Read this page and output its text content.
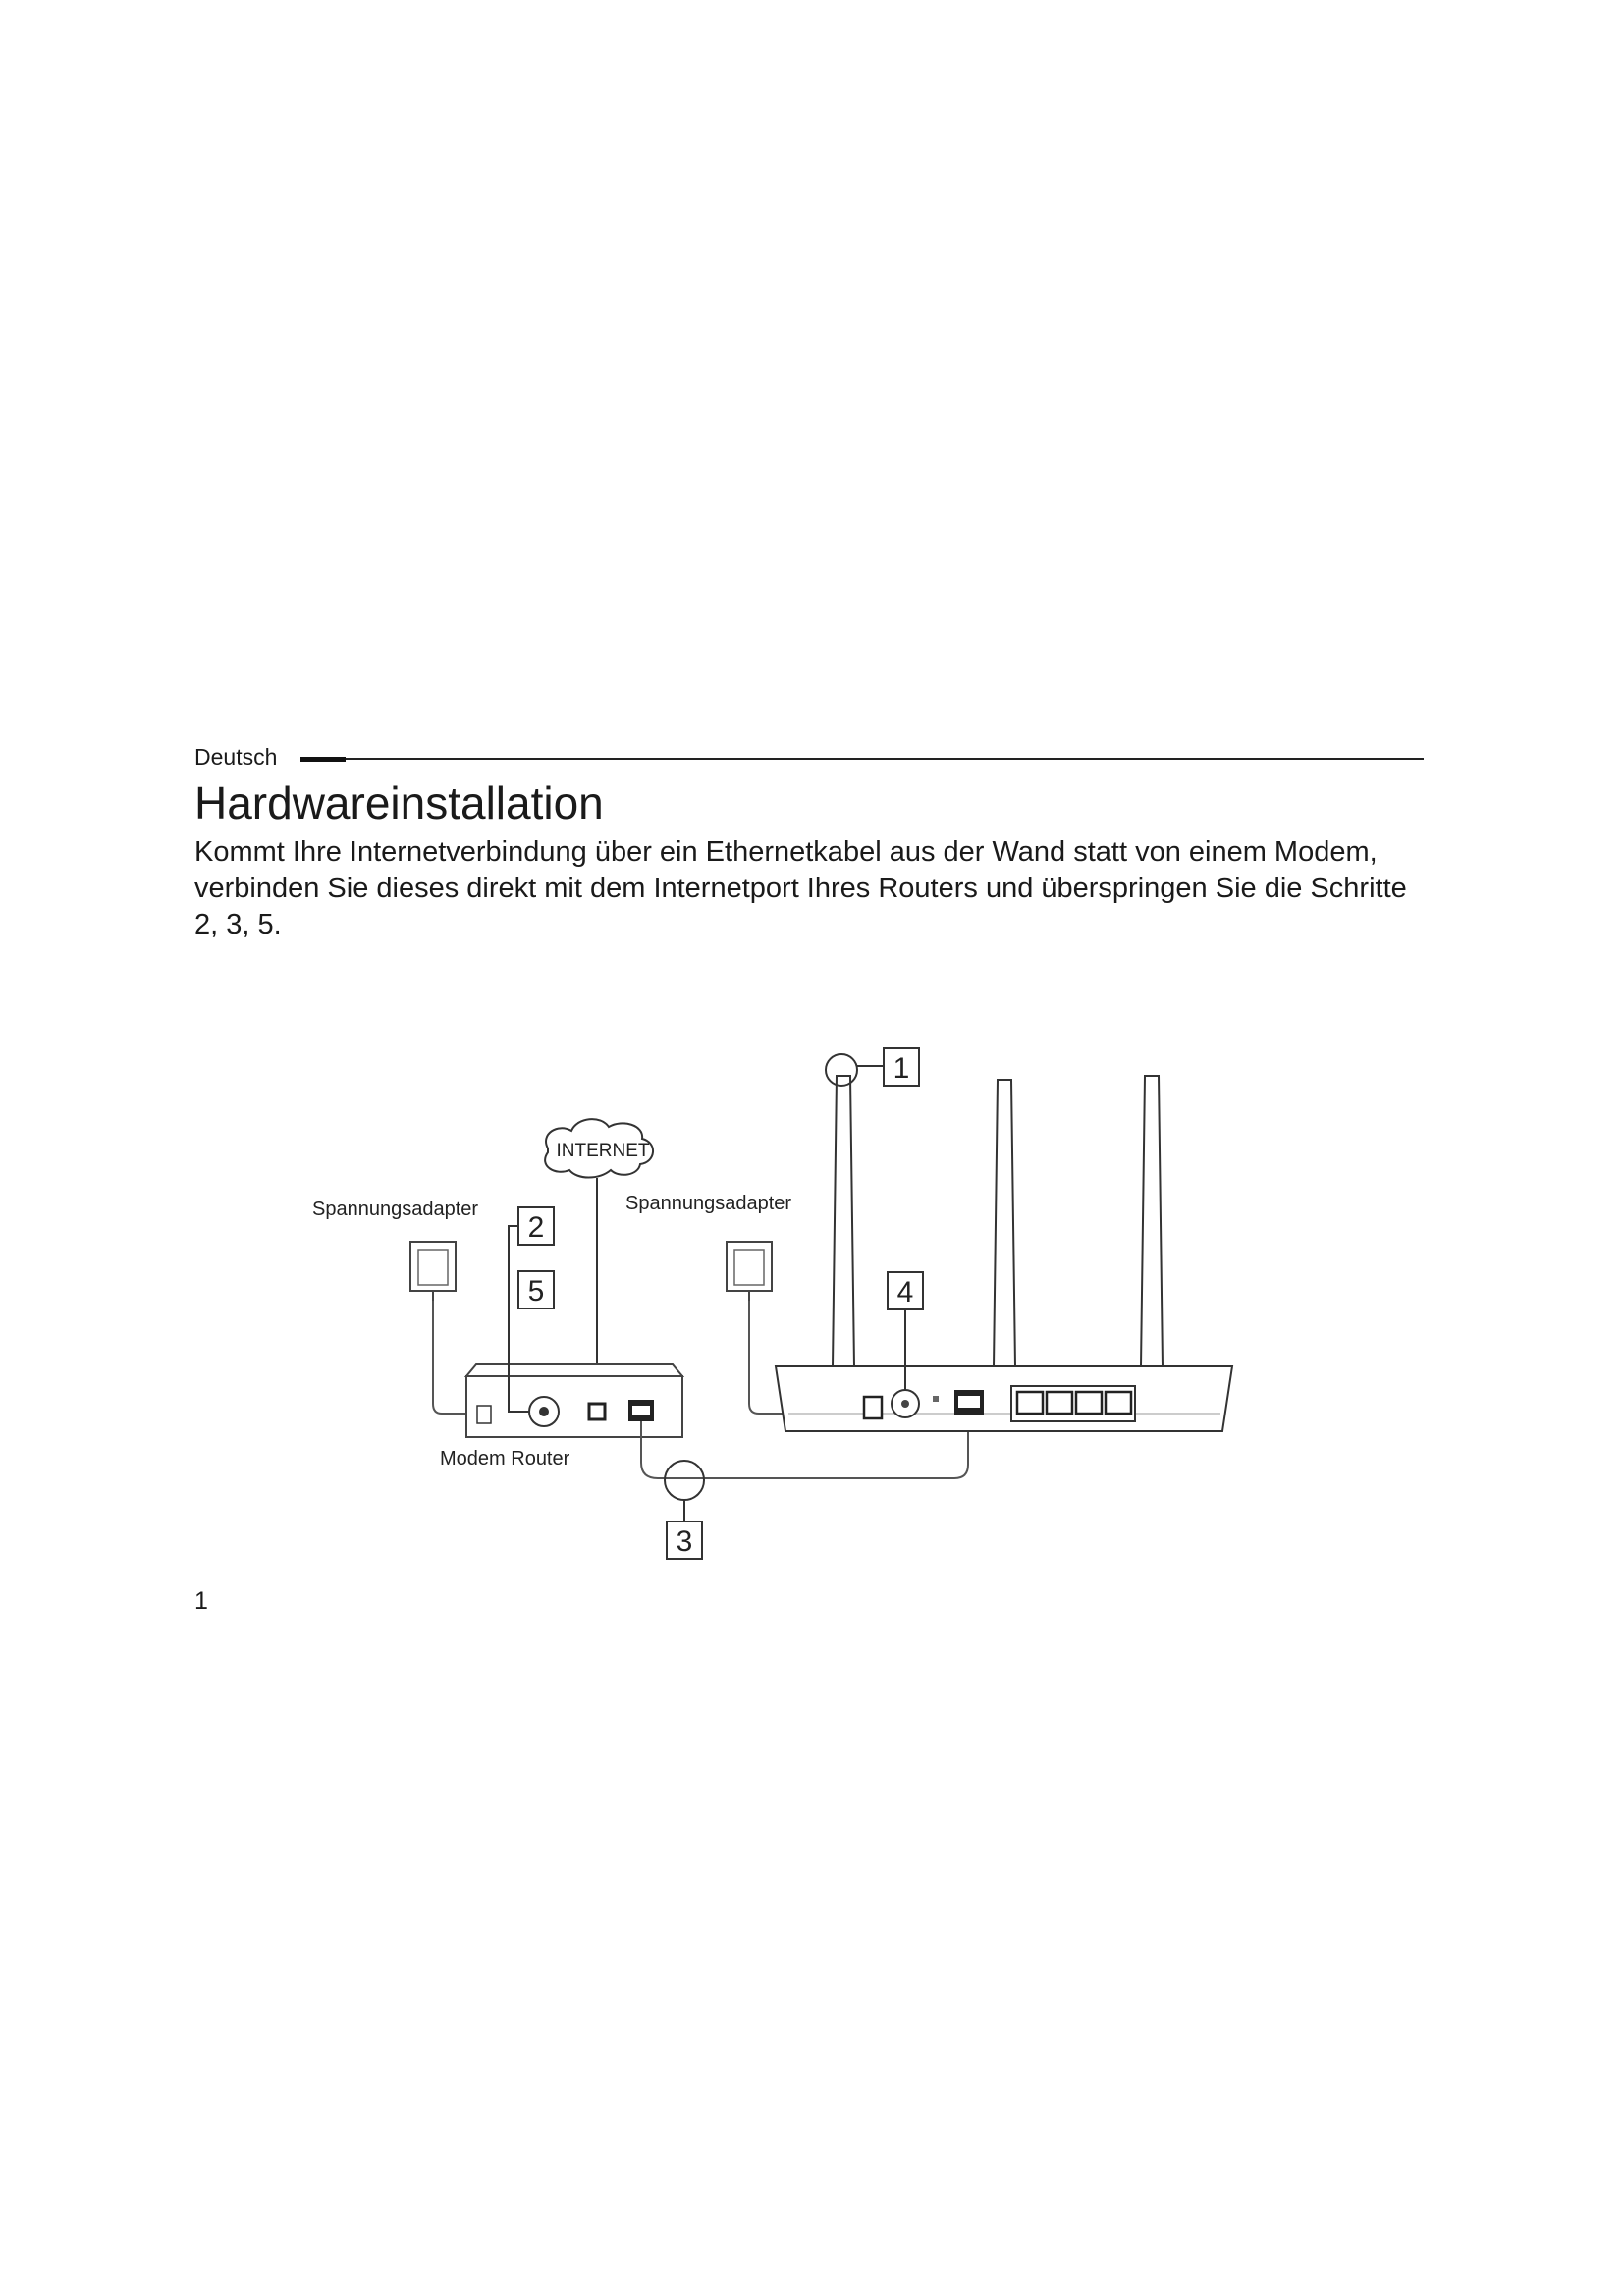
Deutsch
Hardwareinstallation

Kommt Ihre Internetverbindung über ein Ethernetkabel aus der Wand statt von einem Modem, verbinden Sie dieses direkt mit dem Internetport Ihres Routers und überspringen Sie die Schritte 2, 3, 5.

INTERNET
Spannungsadapter
Modem Router
2
5
3
Spannungsadapter
1
4
1
